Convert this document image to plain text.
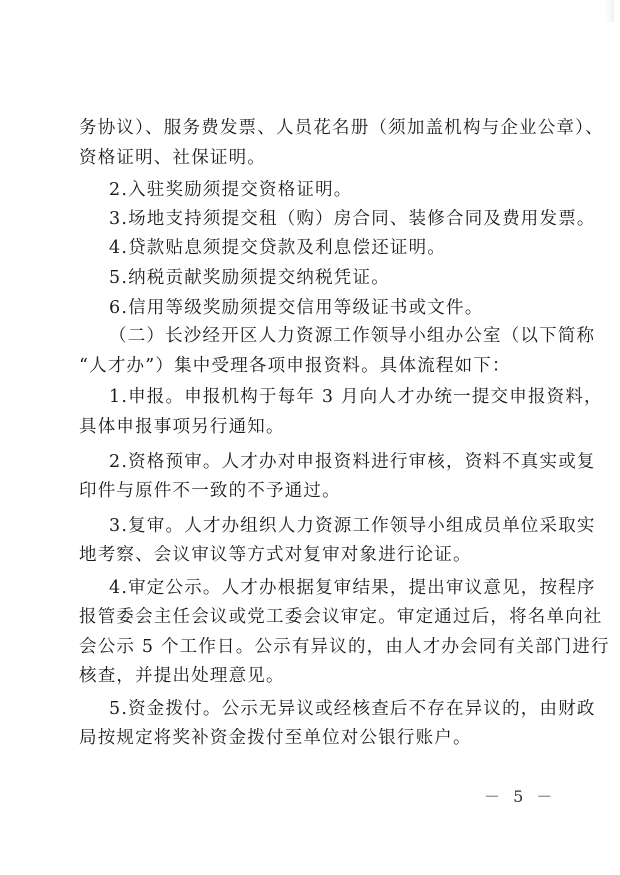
务协议）、服务费发票、人员花名册（须加盖机构与企业公章）、
资格证明、社保证明。
2.入驻奖励须提交资格证明。
3.场地支持须提交租（购）房合同、装修合同及费用发票。
4.贷款贴息须提交贷款及利息偿还证明。
5.纳税贡献奖励须提交纳税凭证。
6.信用等级奖励须提交信用等级证书或文件。
（二）长沙经开区人力资源工作领导小组办公室（以下简称
“人才办”）集中受理各项申报资料。具体流程如下：
1.申报。申报机构于每年 3 月向人才办统一提交申报资料，
具体申报事项另行通知。
2.资格预审。人才办对申报资料进行审核，资料不真实或复
印件与原件不一致的不予通过。
3.复审。人才办组织人力资源工作领导小组成员单位采取实
地考察、会议审议等方式对复审对象进行论证。
4.审定公示。人才办根据复审结果，提出审议意见，按程序
报管委会主任会议或党工委会议审定。审定通过后，将名单向社
会公示 5 个工作日。公示有异议的，由人才办会同有关部门进行
核查，并提出处理意见。
5.资金拨付。公示无异议或经核查后不存在异议的，由财政
局按规定将奖补资金拨付至单位对公银行账户。
－ 5 －
